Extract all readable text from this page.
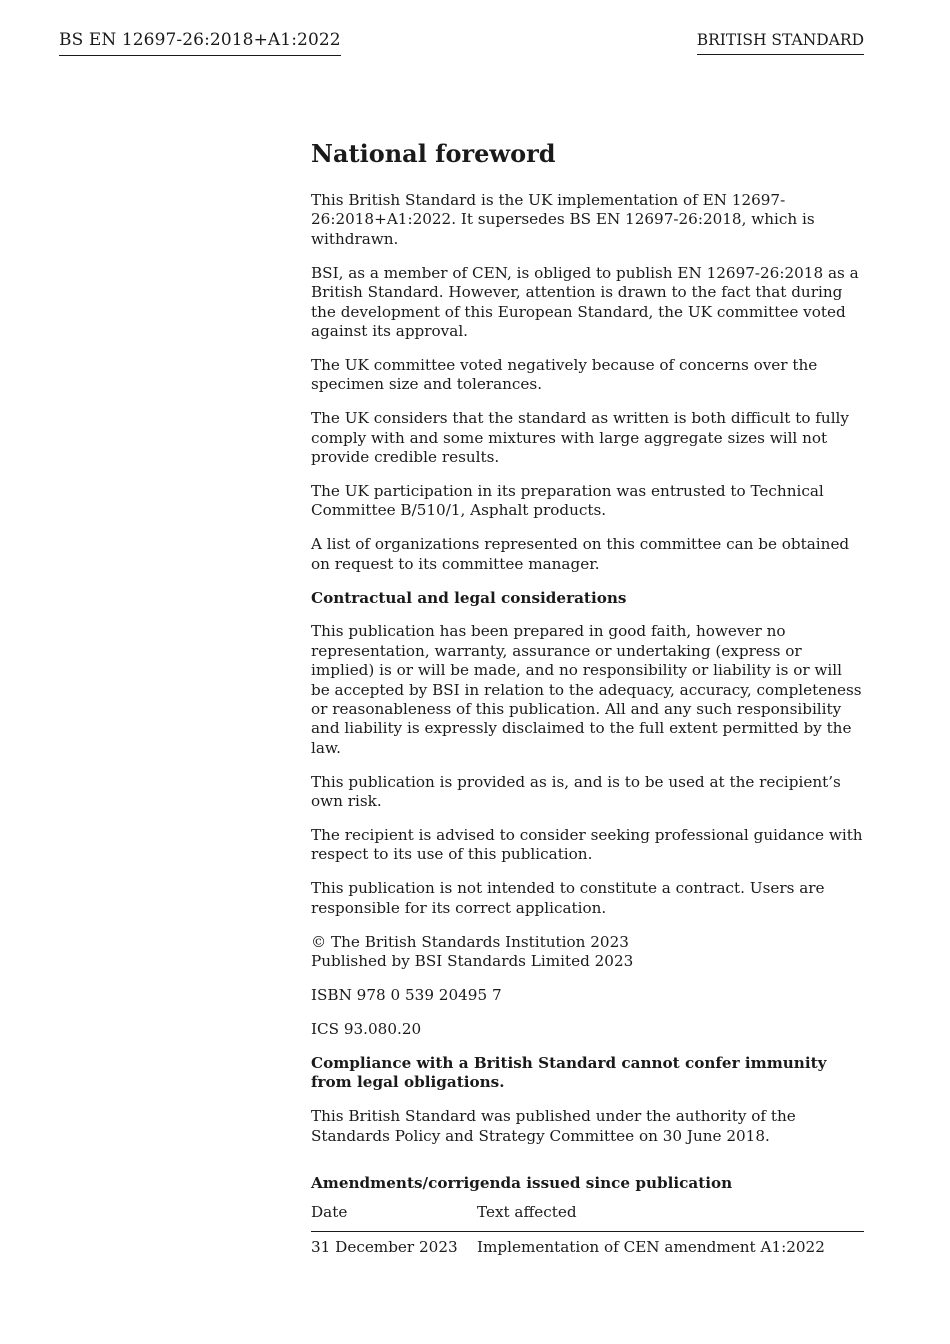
BS EN 12697-26:2018+A1:2022	BRITISH STANDARD
National foreword

This British Standard is the UK implementation of EN 12697-26:2018+A1:2022. It supersedes BS EN 12697-26:2018, which is withdrawn.

BSI, as a member of CEN, is obliged to publish EN 12697-26:2018 as a British Standard. However, attention is drawn to the fact that during the development of this European Standard, the UK committee voted against its approval.

The UK committee voted negatively because of concerns over the specimen size and tolerances.

The UK considers that the standard as written is both difficult to fully comply with and some mixtures with large aggregate sizes will not provide credible results.

The UK participation in its preparation was entrusted to Technical Committee B/510/1, Asphalt products.

A list of organizations represented on this committee can be obtained on request to its committee manager.

Contractual and legal considerations

This publication has been prepared in good faith, however no representation, warranty, assurance or undertaking (express or implied) is or will be made, and no responsibility or liability is or will be accepted by BSI in relation to the adequacy, accuracy, completeness or reasonableness of this publication. All and any such responsibility and liability is expressly disclaimed to the full extent permitted by the law.

This publication is provided as is, and is to be used at the recipient’s own risk.

The recipient is advised to consider seeking professional guidance with respect to its use of this publication.

This publication is not intended to constitute a contract. Users are responsible for its correct application.

© The British Standards Institution 2023
Published by BSI Standards Limited 2023

ISBN 978 0 539 20495 7

ICS 93.080.20

Compliance with a British Standard cannot confer immunity from legal obligations.

This British Standard was published under the authority of the Standards Policy and Strategy Committee on 30 June 2018.

Amendments/corrigenda issued since publication
Date	Text affected
31 December 2023	Implementation of CEN amendment A1:2022
